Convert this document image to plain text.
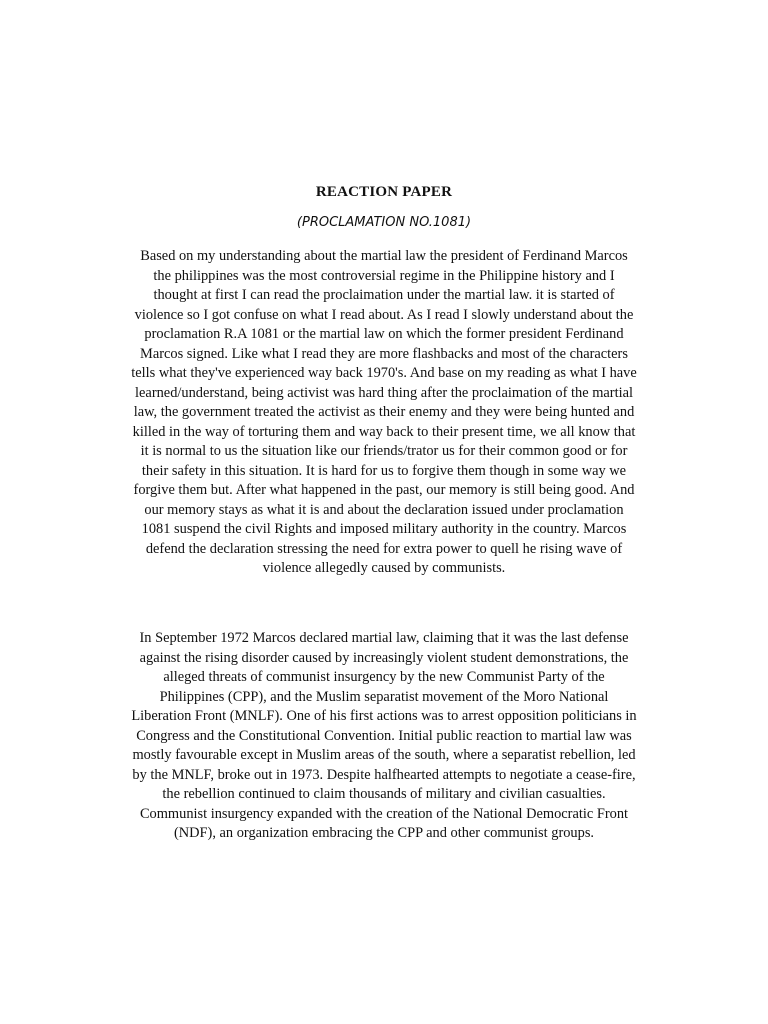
REACTION PAPER
(PROCLAMATION NO.1081)

Based on my understanding about the martial law the president of Ferdinand Marcos the philippines was the most controversial regime in the Philippine history and I thought at first I can read the proclaimation under the martial law. it is started of violence so I got confuse on what I read about. As I read I slowly understand about the proclamation R.A 1081 or the martial law on which the former president Ferdinand Marcos signed. Like what I read they are more flashbacks and most of the characters tells what they've experienced way back 1970's. And base on my reading as what I have learned/understand, being activist was hard thing after the proclaimation of the martial law, the government treated the activist as their enemy and they were being hunted and killed in the way of torturing them and way back to their present time, we all know that it is normal to us the situation like our friends/trator us for their common good or for their safety in this situation. It is hard for us to forgive them though in some way we forgive them but. After what happened in the past, our memory is still being good. And our memory stays as what it is and about the declaration issued under proclamation 1081 suspend the civil Rights and imposed military authority in the country. Marcos defend the declaration stressing the need for extra power to quell he rising wave of violence allegedly caused by communists.

In September 1972 Marcos declared martial law, claiming that it was the last defense against the rising disorder caused by increasingly violent student demonstrations, the alleged threats of communist insurgency by the new Communist Party of the Philippines (CPP), and the Muslim separatist movement of the Moro National Liberation Front (MNLF). One of his first actions was to arrest opposition politicians in Congress and the Constitutional Convention. Initial public reaction to martial law was mostly favourable except in Muslim areas of the south, where a separatist rebellion, led by the MNLF, broke out in 1973. Despite halfhearted attempts to negotiate a cease-fire, the rebellion continued to claim thousands of military and civilian casualties. Communist insurgency expanded with the creation of the National Democratic Front (NDF), an organization embracing the CPP and other communist groups.
